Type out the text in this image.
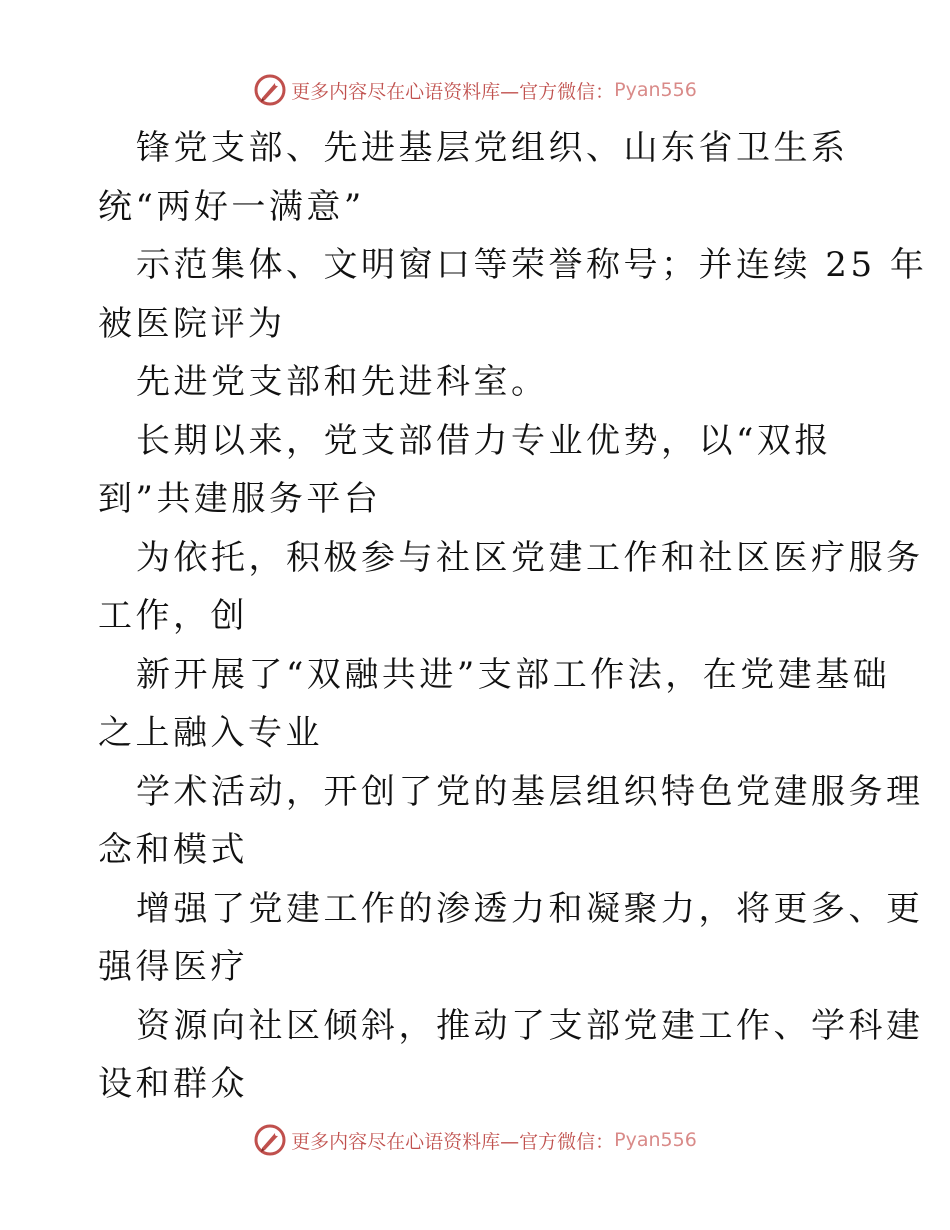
更多内容尽在心语资料库—官方微信： Pyan556
锋党支部、先进基层党组织、山东省卫生系
统“两好一满意”
示范集体、文明窗口等荣誉称号；并连续 25 年
被医院评为
先进党支部和先进科室。
长期以来，党支部借力专业优势，以“双报
到”共建服务平台
为依托，积极参与社区党建工作和社区医疗服务
工作，创
新开展了“双融共进”支部工作法，在党建基础
之上融入专业
学术活动，开创了党的基层组织特色党建服务理
念和模式
增强了党建工作的渗透力和凝聚力，将更多、更
强得医疗
资源向社区倾斜，推动了支部党建工作、学科建
设和群众
更多内容尽在心语资料库—官方微信： Pyan556
